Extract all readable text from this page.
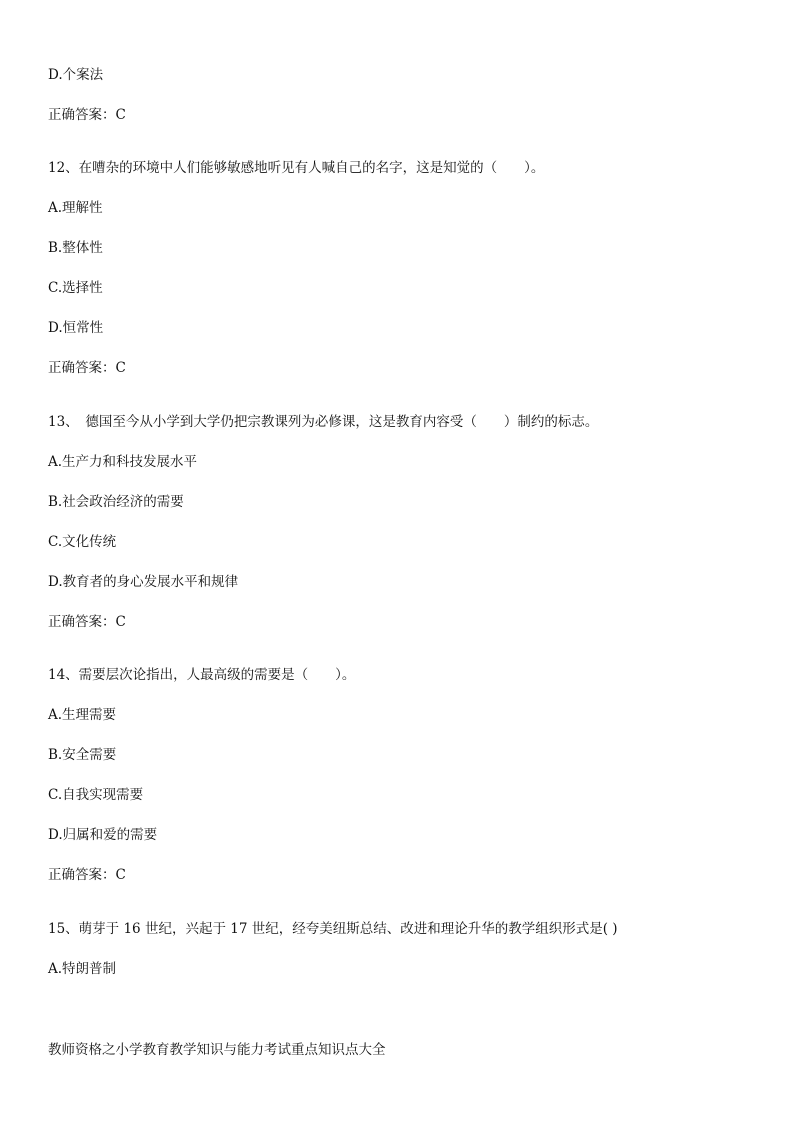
D.个案法
正确答案：C
12、在嘈杂的环境中人们能够敏感地听见有人喊自己的名字，这是知觉的（　　）。
A.理解性
B.整体性
C.选择性
D.恒常性
正确答案：C
13、　德国至今从小学到大学仍把宗教课列为必修课，这是教育内容受（　　）制约的标志。
A.生产力和科技发展水平
B.社会政治经济的需要
C.文化传统
D.教育者的身心发展水平和规律
正确答案：C
14、需要层次论指出，人最高级的需要是（　　）。
A.生理需要
B.安全需要
C.自我实现需要
D.归属和爱的需要
正确答案：C
15、萌芽于 16 世纪，兴起于 17 世纪，经夸美纽斯总结、改进和理论升华的教学组织形式是( )
A.特朗普制
教师资格之小学教育教学知识与能力考试重点知识点大全
